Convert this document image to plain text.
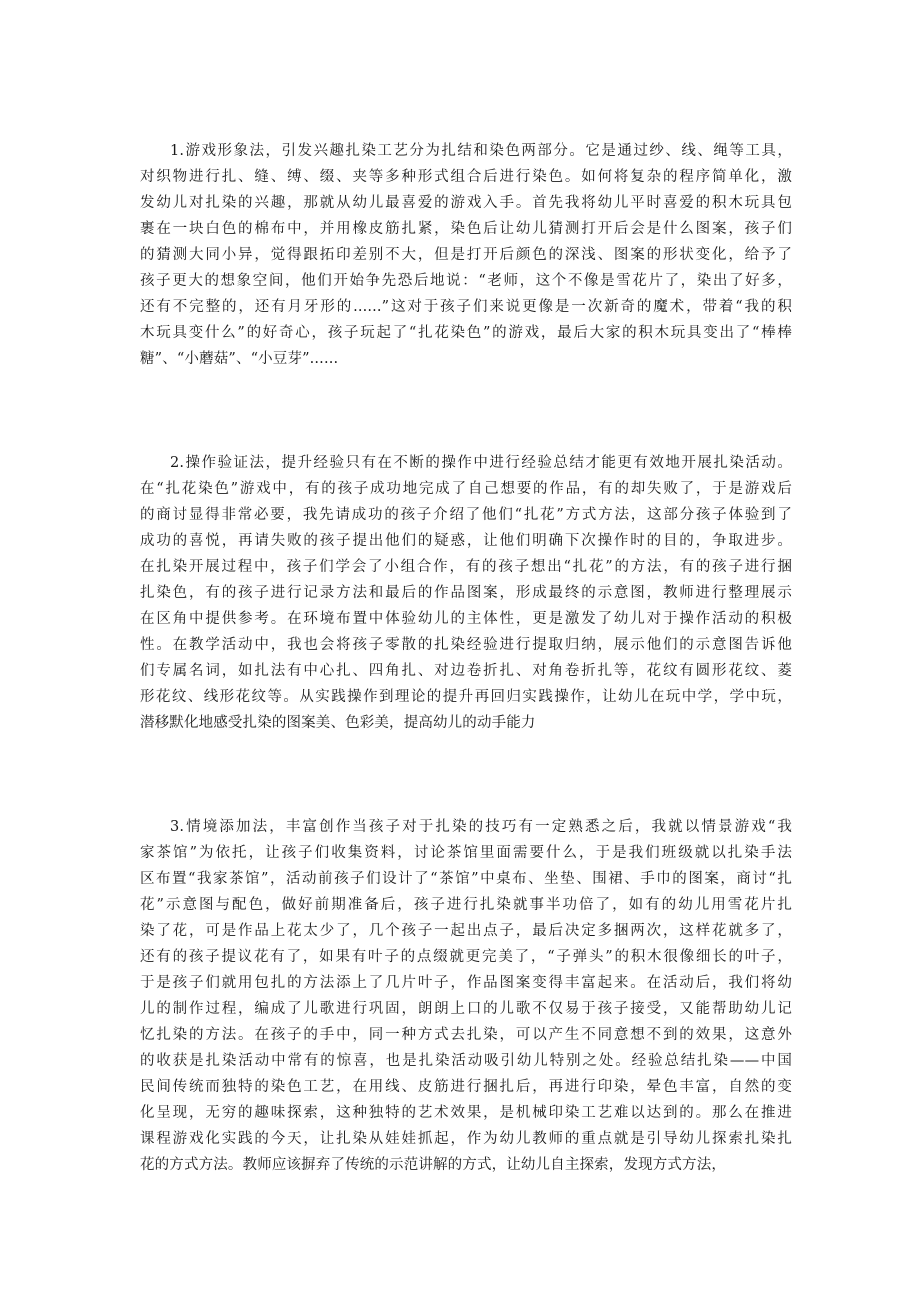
1.游戏形象法，引发兴趣扎染工艺分为扎结和染色两部分。它是通过纱、线、绳等工具，
对织物进行扎、缝、缚、缀、夹等多种形式组合后进行染色。如何将复杂的程序简单化，激
发幼儿对扎染的兴趣，那就从幼儿最喜爱的游戏入手。首先我将幼儿平时喜爱的积木玩具包
裹在一块白色的棉布中，并用橡皮筋扎紧，染色后让幼儿猜测打开后会是什么图案，孩子们
的猜测大同小异，觉得跟拓印差别不大，但是打开后颜色的深浅、图案的形状变化，给予了
孩子更大的想象空间，他们开始争先恐后地说：“老师，这个不像是雪花片了，染出了好多，
还有不完整的，还有月牙形的......”这对于孩子们来说更像是一次新奇的魔术，带着“我的积
木玩具变什么”的好奇心，孩子玩起了“扎花染色”的游戏，最后大家的积木玩具变出了“棒棒
糖”、“小蘑菇”、“小豆芽”......
2.操作验证法，提升经验只有在不断的操作中进行经验总结才能更有效地开展扎染活动。
在“扎花染色”游戏中，有的孩子成功地完成了自己想要的作品，有的却失败了，于是游戏后
的商讨显得非常必要，我先请成功的孩子介绍了他们“扎花”方式方法，这部分孩子体验到了
成功的喜悦，再请失败的孩子提出他们的疑惑，让他们明确下次操作时的目的，争取进步。
在扎染开展过程中，孩子们学会了小组合作，有的孩子想出“扎花”的方法，有的孩子进行捆
扎染色，有的孩子进行记录方法和最后的作品图案，形成最终的示意图，教师进行整理展示
在区角中提供参考。在环境布置中体验幼儿的主体性，更是激发了幼儿对于操作活动的积极
性。在教学活动中，我也会将孩子零散的扎染经验进行提取归纳，展示他们的示意图告诉他
们专属名词，如扎法有中心扎、四角扎、对边卷折扎、对角卷折扎等，花纹有圆形花纹、菱
形花纹、线形花纹等。从实践操作到理论的提升再回归实践操作，让幼儿在玩中学，学中玩，
潜移默化地感受扎染的图案美、色彩美，提高幼儿的动手能力
3.情境添加法，丰富创作当孩子对于扎染的技巧有一定熟悉之后，我就以情景游戏“我
家茶馆”为依托，让孩子们收集资料，讨论茶馆里面需要什么，于是我们班级就以扎染手法
区布置“我家茶馆”，活动前孩子们设计了“茶馆”中桌布、坐垫、围裙、手巾的图案，商讨“扎
花”示意图与配色，做好前期准备后，孩子进行扎染就事半功倍了，如有的幼儿用雪花片扎
染了花，可是作品上花太少了，几个孩子一起出点子，最后决定多捆两次，这样花就多了，
还有的孩子提议花有了，如果有叶子的点缀就更完美了，“子弹头”的积木很像细长的叶子，
于是孩子们就用包扎的方法添上了几片叶子，作品图案变得丰富起来。在活动后，我们将幼
儿的制作过程，编成了儿歌进行巩固，朗朗上口的儿歌不仅易于孩子接受，又能帮助幼儿记
忆扎染的方法。在孩子的手中，同一种方式去扎染，可以产生不同意想不到的效果，这意外
的收获是扎染活动中常有的惊喜，也是扎染活动吸引幼儿特别之处。经验总结扎染——中国
民间传统而独特的染色工艺，在用线、皮筋进行捆扎后，再进行印染，晕色丰富，自然的变
化呈现，无穷的趣味探索，这种独特的艺术效果，是机械印染工艺难以达到的。那么在推进
课程游戏化实践的今天，让扎染从娃娃抓起，作为幼儿教师的重点就是引导幼儿探索扎染扎
花的方式方法。教师应该摒弃了传统的示范讲解的方式，让幼儿自主探索，发现方式方法，
